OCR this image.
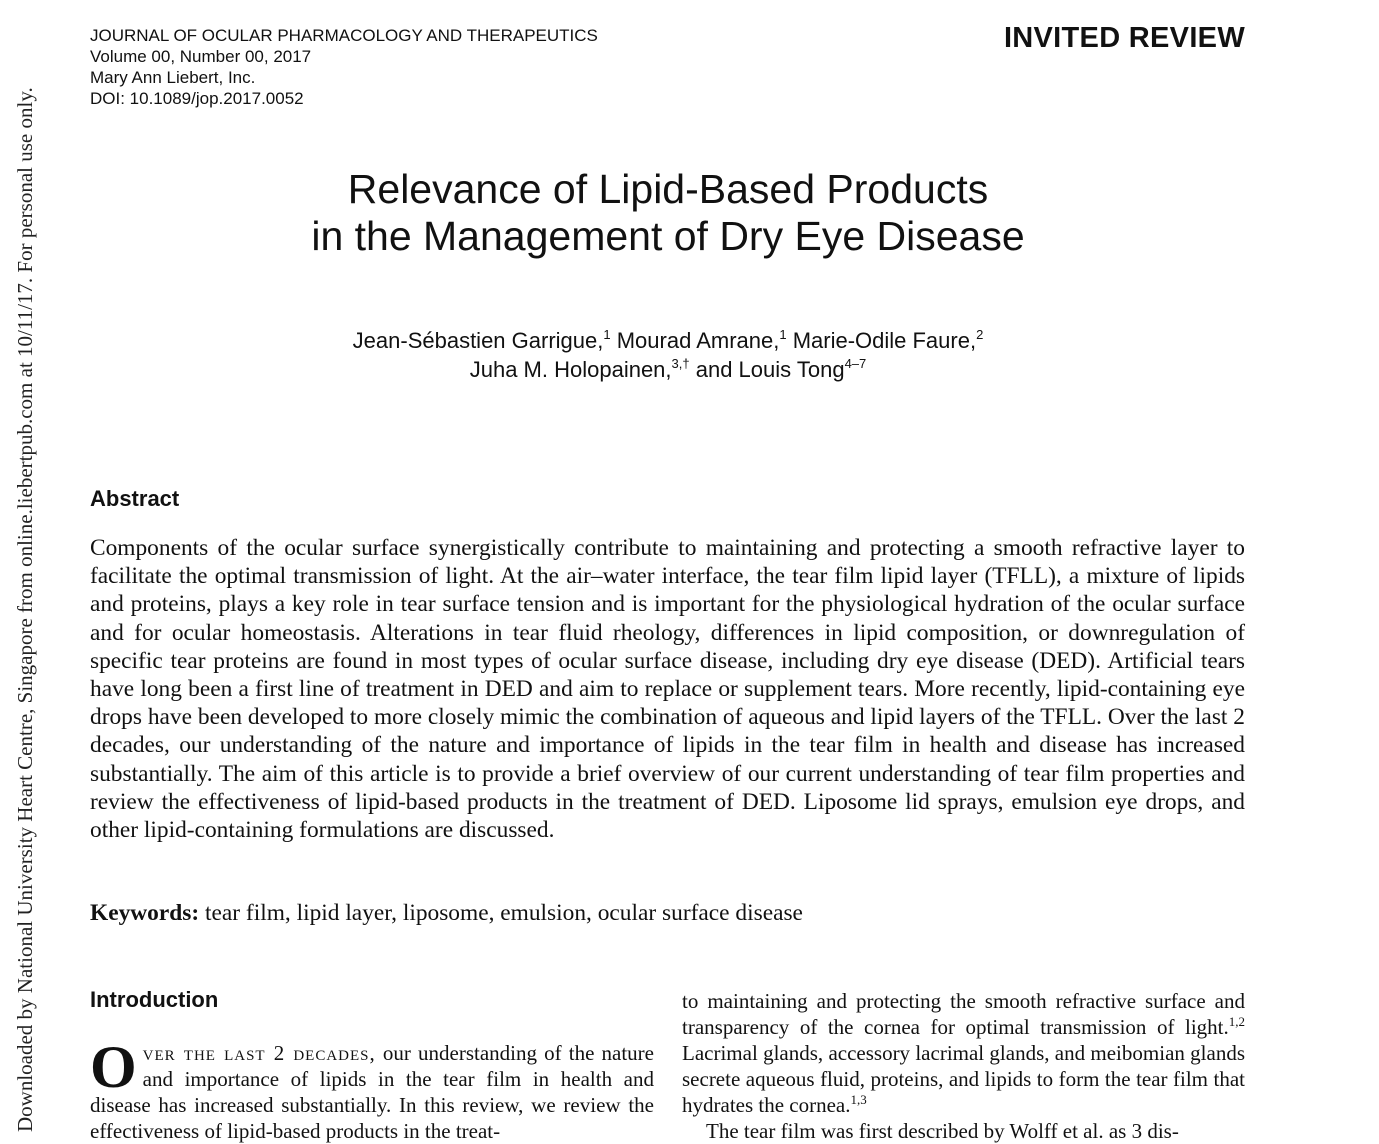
JOURNAL OF OCULAR PHARMACOLOGY AND THERAPEUTICS
Volume 00, Number 00, 2017
Mary Ann Liebert, Inc.
DOI: 10.1089/jop.2017.0052
INVITED REVIEW
Downloaded by National University Heart Centre, Singapore from online.liebertpub.com at 10/11/17. For personal use only.	Relevance of Lipid-Based Products
in the Management of Dry Eye Disease
Jean-Sébastien Garrigue,$^1$ Mourad Amrane,$^1$ Marie-Odile Faure,$^2$
Juha M. Holopainen,$^{3,\dagger}$ and Louis Tong$^{4-7}$
Abstract
Components of the ocular surface synergistically contribute to maintaining and protecting a smooth refractive layer to facilitate the optimal transmission of light. At the air–water interface, the tear film lipid layer (TFLL), a mixture of lipids and proteins, plays a key role in tear surface tension and is important for the physiological hydration of the ocular surface and for ocular homeostasis. Alterations in tear fluid rheology, differences in lipid composition, or downregulation of specific tear proteins are found in most types of ocular surface disease, including dry eye disease (DED). Artificial tears have long been a first line of treatment in DED and aim to replace or supplement tears. More recently, lipid-containing eye drops have been developed to more closely mimic the combination of aqueous and lipid layers of the TFLL. Over the last 2 decades, our understanding of the nature and importance of lipids in the tear film in health and disease has increased substantially. The aim of this article is to provide a brief overview of our current understanding of tear film properties and review the effectiveness of lipid-based products in the treatment of DED. Liposome lid sprays, emulsion eye drops, and other lipid-containing formulations are discussed.
Keywords: tear film, lipid layer, liposome, emulsion, ocular surface disease
Introduction
Over the last 2 decades, our understanding of the nature and importance of lipids in the tear film in health and disease has increased substantially. In this review, we review the effectiveness of lipid-based products in the treat-
to maintaining and protecting the smooth refractive surface and transparency of the cornea for optimal transmission of light.$^{1,2}$ Lacrimal glands, accessory lacrimal glands, and meibomian glands secrete aqueous fluid, proteins, and lipids to form the tear film that hydrates the cornea.$^{1,3}$
The tear film was first described by Wolff et al. as 3 dis-
